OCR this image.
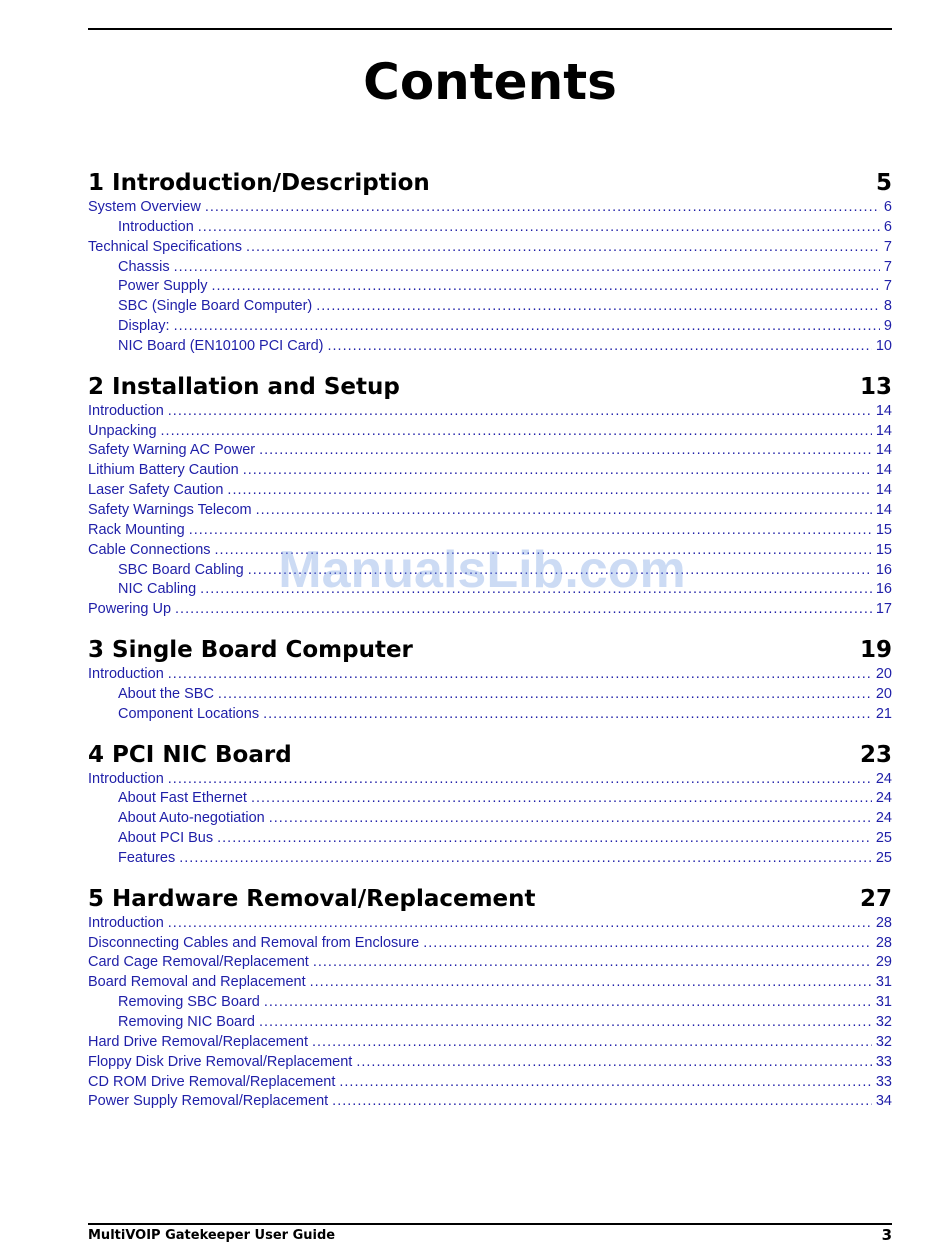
Contents
1 Introduction/Description	5
System Overview .....	6
Introduction .....	6
Technical Specifications .....	7
Chassis .....	7
Power Supply .....	7
SBC (Single Board Computer) .....	8
Display: .....	9
NIC Board (EN10100 PCI Card) .....	10
2 Installation and Setup	13
Introduction .....	14
Unpacking .....	14
Safety Warning AC Power .....	14
Lithium Battery Caution .....	14
Laser Safety Caution .....	14
Safety Warnings Telecom .....	14
Rack Mounting .....	15
Cable Connections .....	15
SBC Board Cabling .....	16
NIC Cabling .....	16
Powering Up .....	17
3 Single Board Computer	19
Introduction .....	20
About the SBC .....	20
Component Locations .....	21
4 PCI NIC Board	23
Introduction .....	24
About Fast Ethernet .....	24
About Auto-negotiation .....	24
About PCI Bus .....	25
Features .....	25
5 Hardware Removal/Replacement	27
Introduction .....	28
Disconnecting Cables and Removal from Enclosure .....	28
Card Cage Removal/Replacement .....	29
Board Removal and Replacement .....	31
Removing SBC Board .....	31
Removing NIC Board .....	32
Hard Drive Removal/Replacement .....	32
Floppy Disk Drive Removal/Replacement .....	33
CD ROM Drive Removal/Replacement .....	33
Power Supply Removal/Replacement .....	34
ManualsLib.com
MultiVOIP Gatekeeper User Guide	3
